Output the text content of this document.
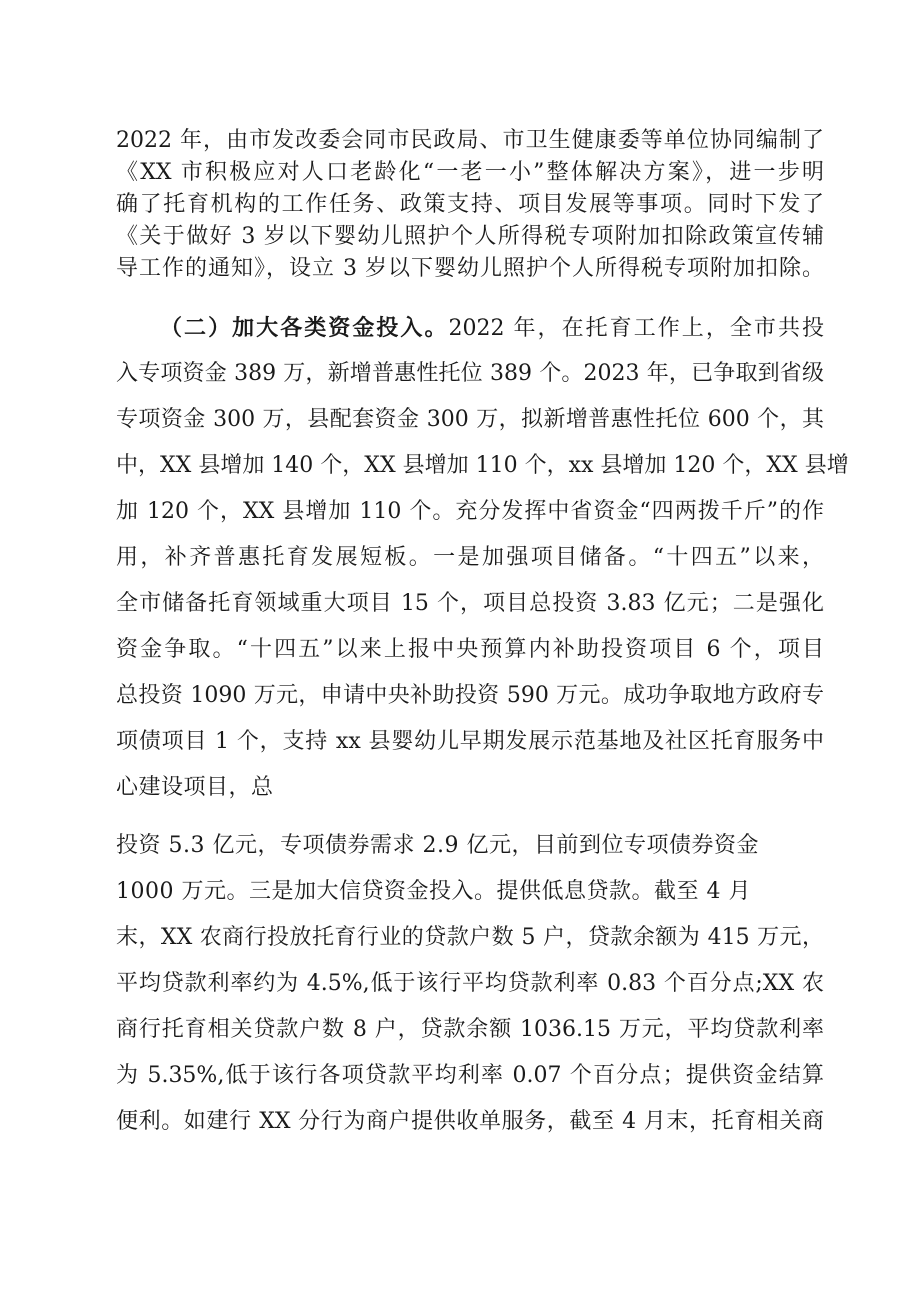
2022 年，由市发改委会同市民政局、市卫生健康委等单位协同编制了
《XX 市积极应对人口老龄化“一老一小”整体解决方案》，进一步明
确了托育机构的工作任务、政策支持、项目发展等事项。同时下发了
《关于做好 3 岁以下婴幼儿照护个人所得税专项附加扣除政策宣传辅
导工作的通知》，设立 3 岁以下婴幼儿照护个人所得税专项附加扣除。
（二）加大各类资金投入。2022 年，在托育工作上，全市共投
入专项资金 389 万，新增普惠性托位 389 个。2023 年，已争取到省级
专项资金 300 万，县配套资金 300 万，拟新增普惠性托位 600 个，其
中，XX 县增加 140 个，XX 县增加 110 个，xx 县增加 120 个，XX 县增
加 120 个，XX 县增加 110 个。充分发挥中省资金“四两拨千斤”的作
用，补齐普惠托育发展短板。一是加强项目储备。“十四五”以来，
全市储备托育领域重大项目 15 个，项目总投资 3.83 亿元；二是强化
资金争取。“十四五”以来上报中央预算内补助投资项目 6 个，项目
总投资 1090 万元，申请中央补助投资 590 万元。成功争取地方政府专
项债项目 1 个，支持 xx 县婴幼儿早期发展示范基地及社区托育服务中
心建设项目，总
投资 5.3 亿元，专项债券需求 2.9 亿元，目前到位专项债券资金
1000 万元。三是加大信贷资金投入。提供低息贷款。截至 4 月
末，XX 农商行投放托育行业的贷款户数 5 户，贷款余额为 415 万元，
平均贷款利率约为 4.5%,低于该行平均贷款利率 0.83 个百分点;XX 农
商行托育相关贷款户数 8 户，贷款余额 1036.15 万元，平均贷款利率
为 5.35%,低于该行各项贷款平均利率 0.07 个百分点；提供资金结算
便利。如建行 XX 分行为商户提供收单服务，截至 4 月末，托育相关商
